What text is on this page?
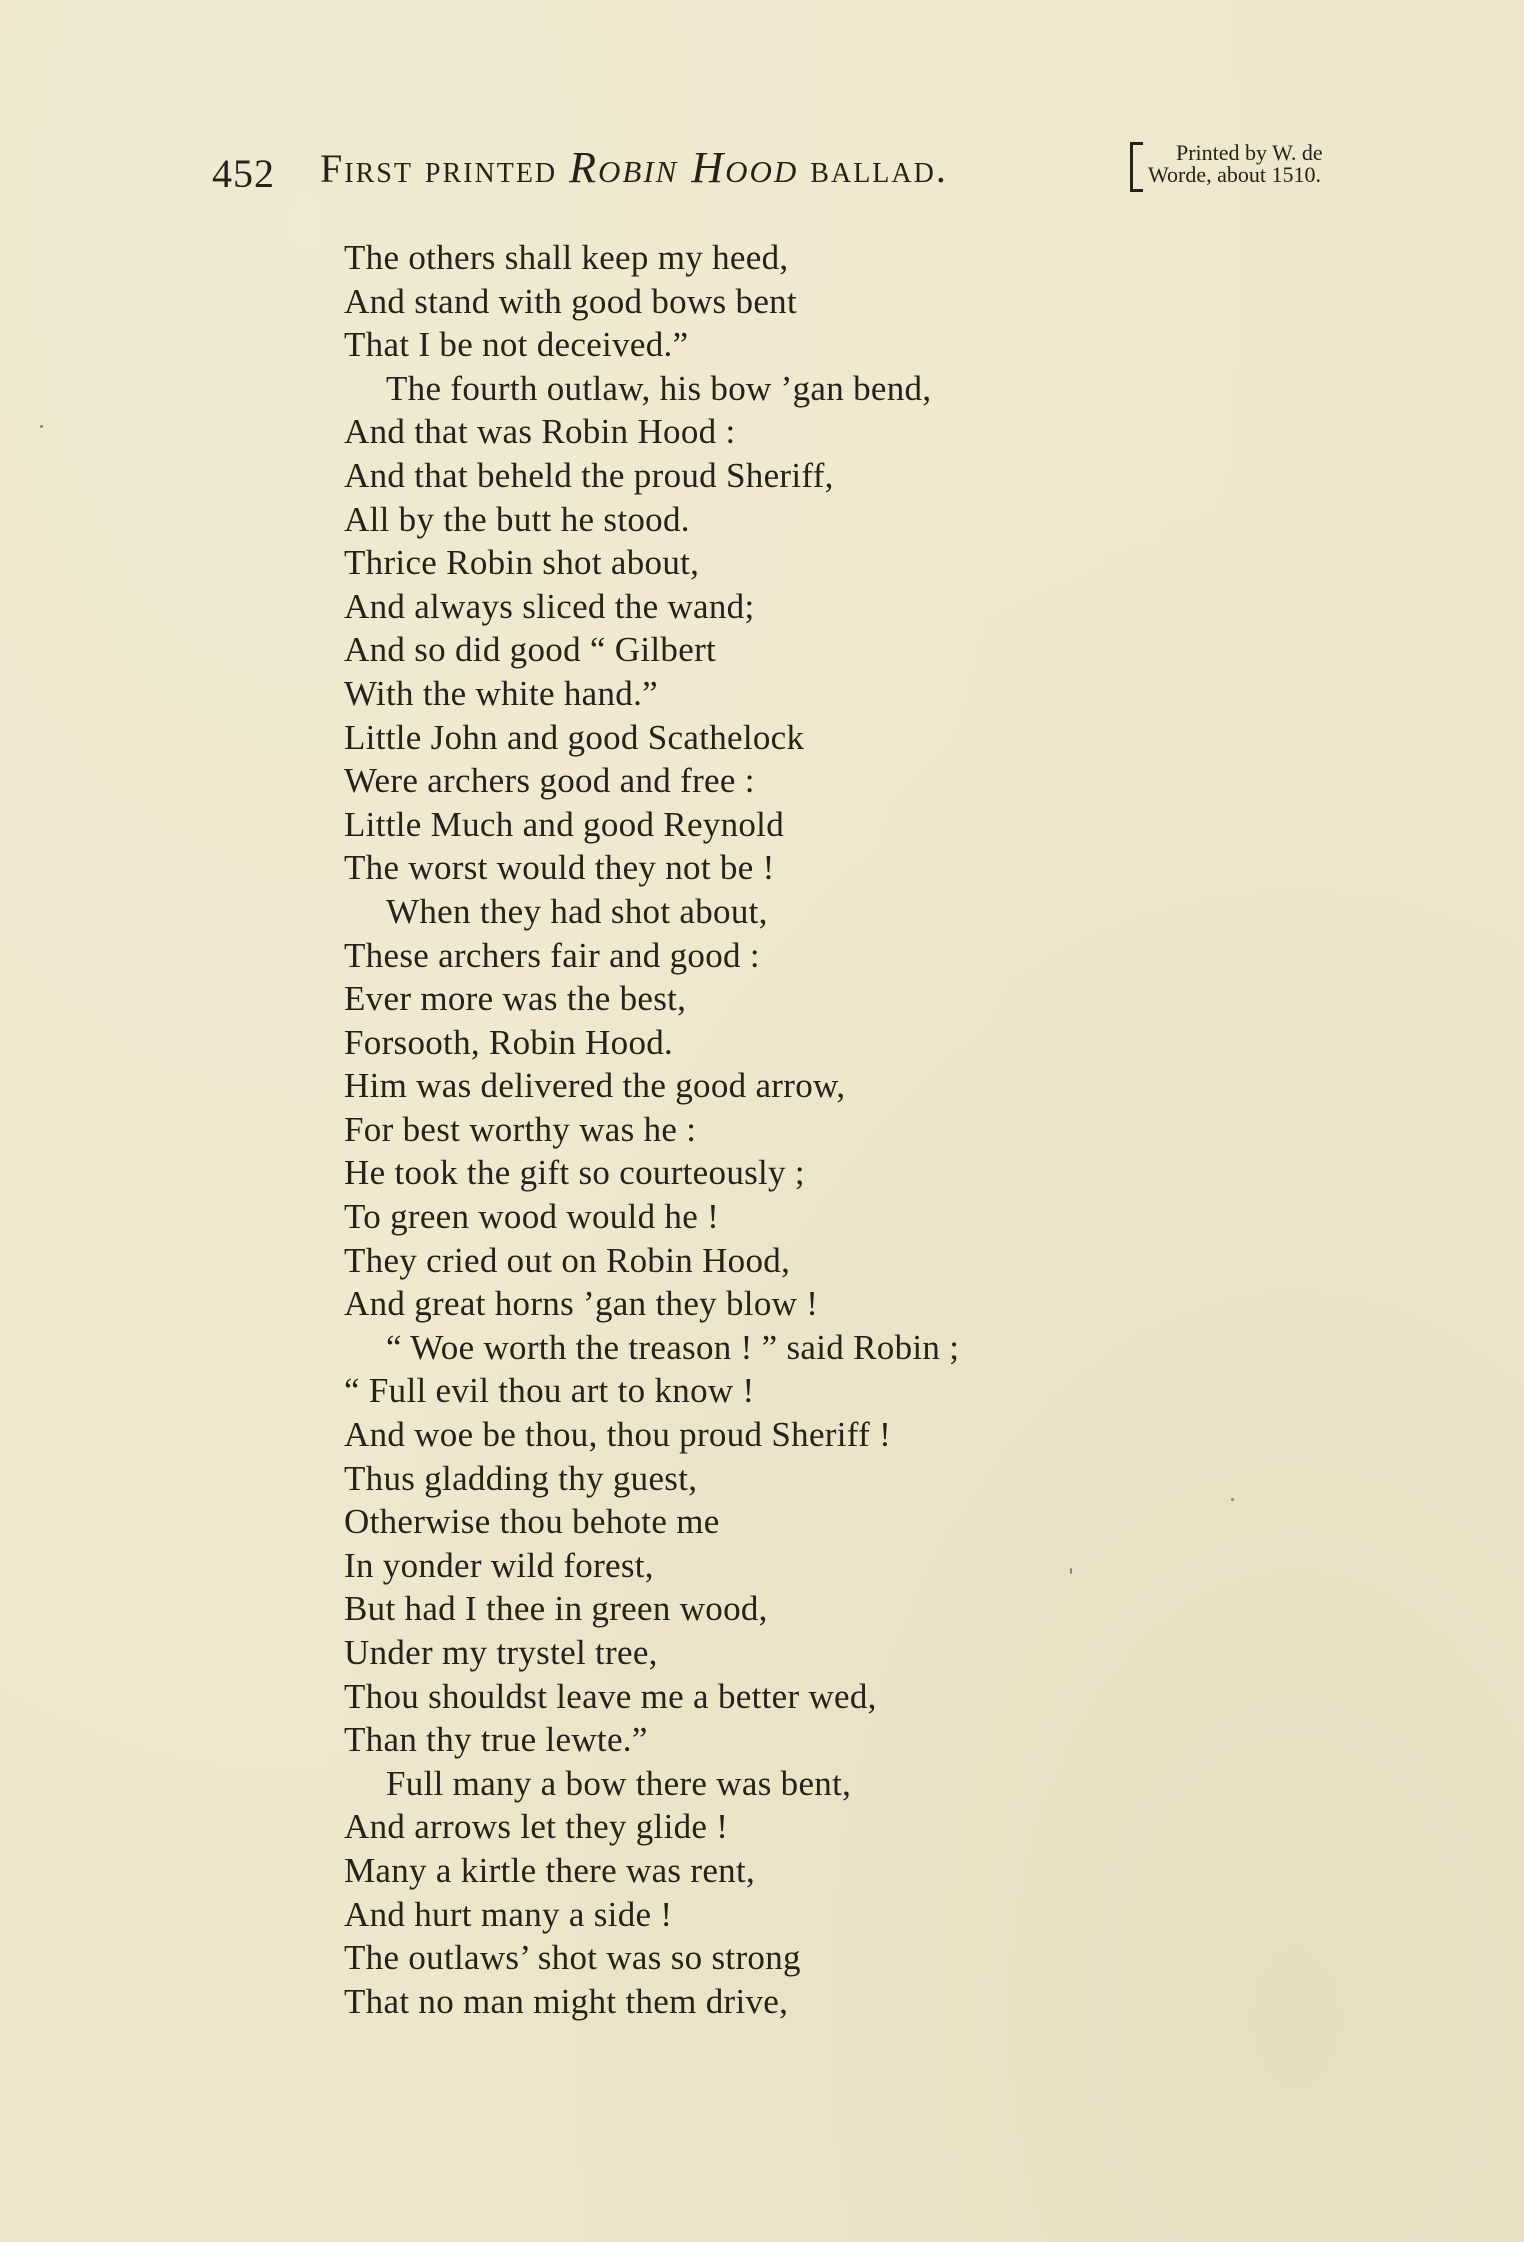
452 First printed Robin Hood ballad.	Printed by W. de
Worde, about 1510.
The others shall keep my heed,
And stand with good bows bent
That I be not deceived.”
The fourth outlaw, his bow ’gan bend,
And that was Robin Hood :
And that beheld the proud Sheriff,
All by the butt he stood.
Thrice Robin shot about,
And always sliced the wand;
And so did good “ Gilbert
With the white hand.”
Little John and good Scathelock
Were archers good and free :
Little Much and good Reynold
The worst would they not be !
When they had shot about,
These archers fair and good :
Ever more was the best,
Forsooth, Robin Hood.
Him was delivered the good arrow,
For best worthy was he :
He took the gift so courteously ;
To green wood would he !
They cried out on Robin Hood,
And great horns ’gan they blow !
“ Woe worth the treason ! ” said Robin ;
“ Full evil thou art to know !
And woe be thou, thou proud Sheriff !
Thus gladding thy guest,
Otherwise thou behote me
In yonder wild forest,
But had I thee in green wood,
Under my trystel tree,
Thou shouldst leave me a better wed,
Than thy true lewte.”
Full many a bow there was bent,
And arrows let they glide !
Many a kirtle there was rent,
And hurt many a side !
The outlaws’ shot was so strong
That no man might them drive,
